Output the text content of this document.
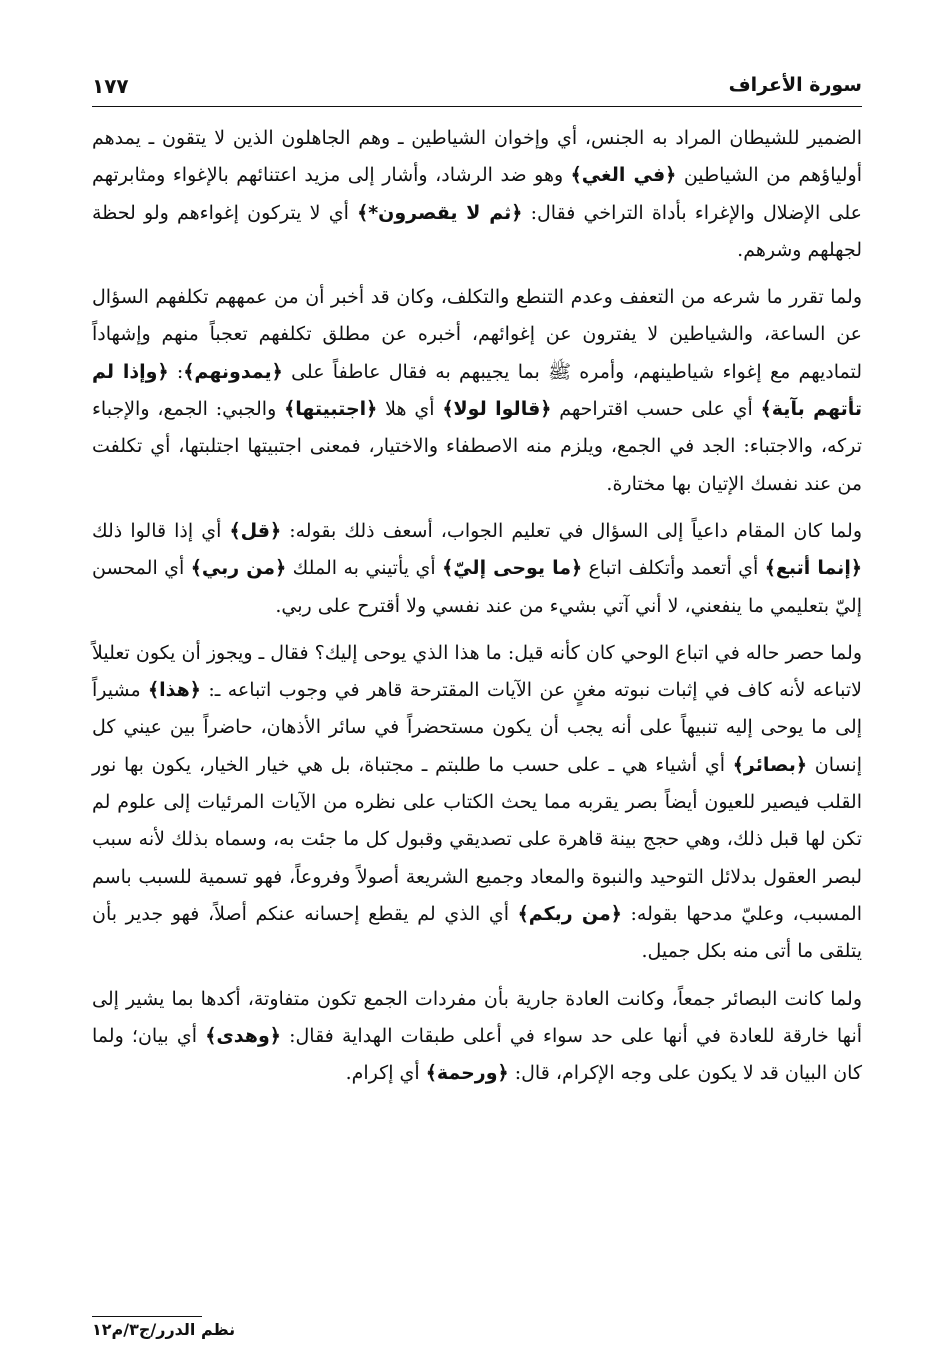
سورة الأعراف
١٧٧

الضمير للشيطان المراد به الجنس، أي وإخوان الشياطين ـ وهم الجاهلون الذين لا يتقون ـ يمدهم أولياؤهم من الشياطين ﴿في الغي﴾ وهو ضد الرشاد، وأشار إلى مزيد اعتنائهم بالإغواء ومثابرتهم على الإضلال والإغراء بأداة التراخي فقال: ﴿ثم لا يقصرون*﴾ أي لا يتركون إغواءهم ولو لحظة لجهلهم وشرهم.

ولما تقرر ما شرعه من التعفف وعدم التنطع والتكلف، وكان قد أخبر أن من عمههم تكلفهم السؤال عن الساعة، والشياطين لا يفترون عن إغوائهم، أخبره عن مطلق تكلفهم تعجباً منهم وإشهاداً لتماديهم مع إغواء شياطينهم، وأمره ﷺ بما يجيبهم به فقال عاطفاً على ﴿يمدونهم﴾: ﴿وإذا لم تأتهم بآية﴾ أي على حسب اقتراحهم ﴿قالوا لولا﴾ أي هلا ﴿اجتبيتها﴾ والجبي: الجمع، والإجباء تركه، والاجتباء: الجد في الجمع، ويلزم منه الاصطفاء والاختيار، فمعنى اجتبيتها اجتلبتها، أي تكلفت من عند نفسك الإتيان بها مختارة.

ولما كان المقام داعياً إلى السؤال في تعليم الجواب، أسعف ذلك بقوله: ﴿قل﴾ أي إذا قالوا ذلك ﴿إنما أتبع﴾ أي أتعمد وأتكلف اتباع ﴿ما يوحى إليّ﴾ أي يأتيني به الملك ﴿من ربي﴾ أي المحسن إليّ بتعليمي ما ينفعني، لا أني آتي بشيء من عند نفسي ولا أقترح على ربي.

ولما حصر حاله في اتباع الوحي كان كأنه قيل: ما هذا الذي يوحى إليك؟ فقال ـ ويجوز أن يكون تعليلاً لاتباعه لأنه كاف في إثبات نبوته مغنٍ عن الآيات المقترحة قاهر في وجوب اتباعه ـ: ﴿هذا﴾ مشيراً إلى ما يوحى إليه تنبيهاً على أنه يجب أن يكون مستحضراً في سائر الأذهان، حاضراً بين عيني كل إنسان ﴿بصائر﴾ أي أشياء هي ـ على حسب ما طلبتم ـ مجتباة، بل هي خيار الخيار، يكون بها نور القلب فيصير للعيون أيضاً بصر يقربه مما يحث الكتاب على نظره من الآيات المرئيات إلى علوم لم تكن لها قبل ذلك، وهي حجج بينة قاهرة على تصديقي وقبول كل ما جئت به، وسماه بذلك لأنه سبب لبصر العقول بدلائل التوحيد والنبوة والمعاد وجميع الشريعة أصولاً وفروعاً، فهو تسمية للسبب باسم المسبب، وعليّ مدحها بقوله: ﴿من ربكم﴾ أي الذي لم يقطع إحسانه عنكم أصلاً، فهو جدير بأن يتلقى ما أتى منه بكل جميل.

ولما كانت البصائر جمعاً، وكانت العادة جارية بأن مفردات الجمع تكون متفاوتة، أكدها بما يشير إلى أنها خارقة للعادة في أنها على حد سواء في أعلى طبقات الهداية فقال: ﴿وهدى﴾ أي بيان؛ ولما كان البيان قد لا يكون على وجه الإكرام، قال: ﴿ورحمة﴾ أي إكرام.

نظم الدرر/ج٣/م١٢
